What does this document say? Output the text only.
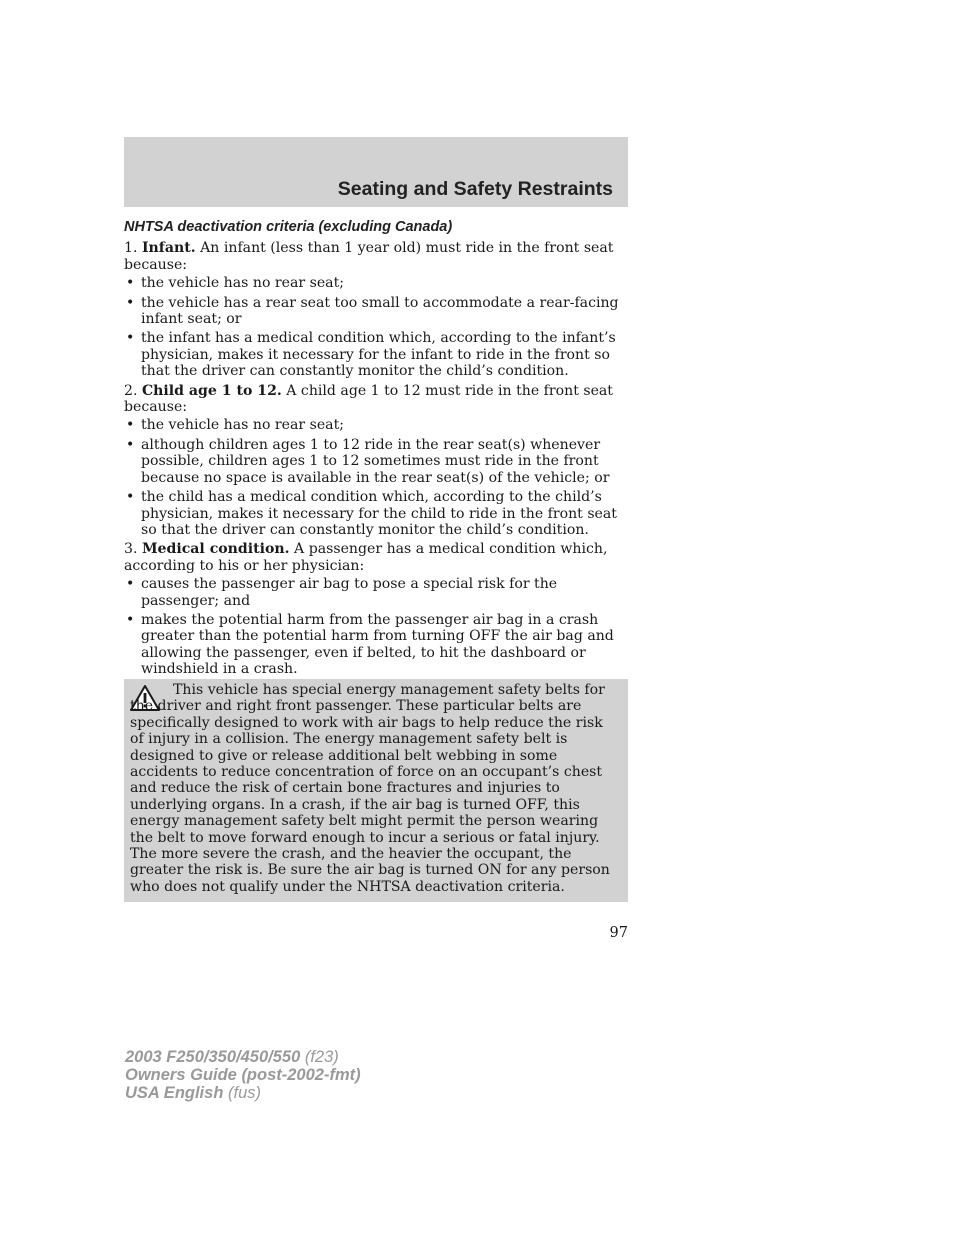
Seating and Safety Restraints
NHTSA deactivation criteria (excluding Canada)
1. Infant. An infant (less than 1 year old) must ride in the front seat because:
• the vehicle has no rear seat;
• the vehicle has a rear seat too small to accommodate a rear-facing infant seat; or
• the infant has a medical condition which, according to the infant’s physician, makes it necessary for the infant to ride in the front so that the driver can constantly monitor the child’s condition.
2. Child age 1 to 12. A child age 1 to 12 must ride in the front seat because:
• the vehicle has no rear seat;
• although children ages 1 to 12 ride in the rear seat(s) whenever possible, children ages 1 to 12 sometimes must ride in the front because no space is available in the rear seat(s) of the vehicle; or
• the child has a medical condition which, according to the child’s physician, makes it necessary for the child to ride in the front seat so that the driver can constantly monitor the child’s condition.
3. Medical condition. A passenger has a medical condition which, according to his or her physician:
• causes the passenger air bag to pose a special risk for the passenger; and
• makes the potential harm from the passenger air bag in a crash greater than the potential harm from turning OFF the air bag and allowing the passenger, even if belted, to hit the dashboard or windshield in a crash.
This vehicle has special energy management safety belts for the driver and right front passenger. These particular belts are specifically designed to work with air bags to help reduce the risk of injury in a collision. The energy management safety belt is designed to give or release additional belt webbing in some accidents to reduce concentration of force on an occupant’s chest and reduce the risk of certain bone fractures and injuries to underlying organs. In a crash, if the air bag is turned OFF, this energy management safety belt might permit the person wearing the belt to move forward enough to incur a serious or fatal injury. The more severe the crash, and the heavier the occupant, the greater the risk is. Be sure the air bag is turned ON for any person who does not qualify under the NHTSA deactivation criteria.
97
2003 F250/350/450/550 (f23)
Owners Guide (post-2002-fmt)
USA English (fus)
